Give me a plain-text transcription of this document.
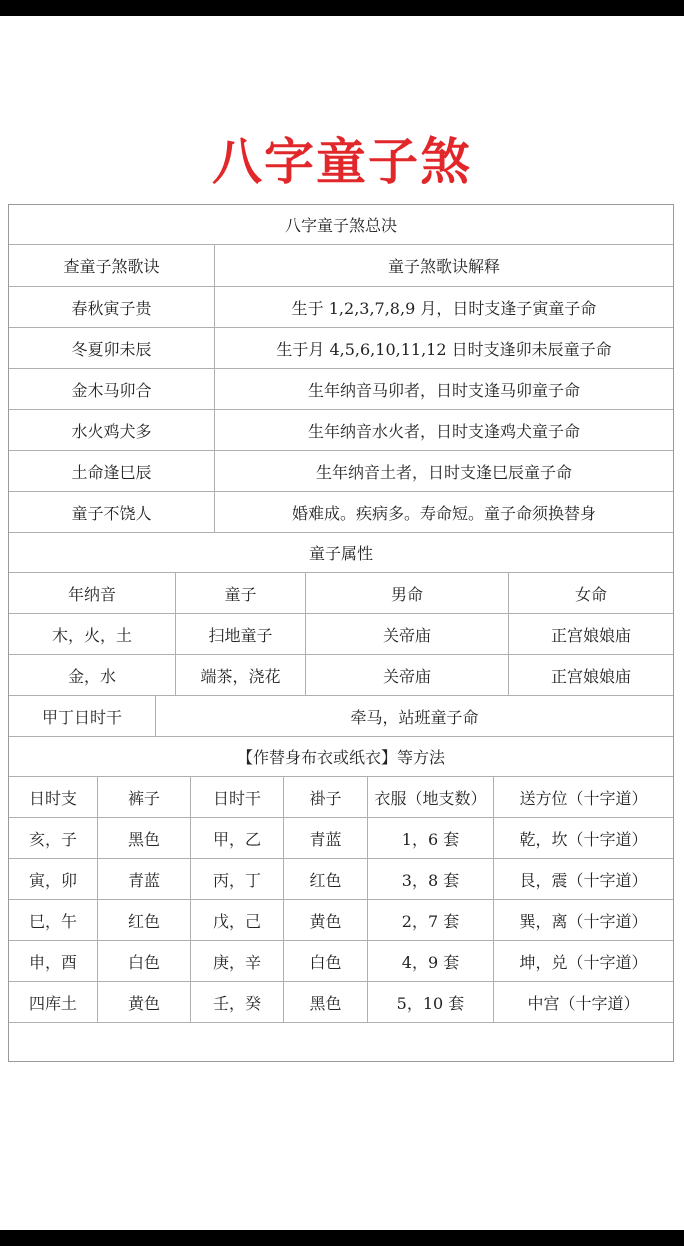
八字童子煞
八字童子煞总决
查童子煞歌诀	童子煞歌诀解释
春秋寅子贵	生于 1,2,3,7,8,9 月，日时支逢子寅童子命
冬夏卯未辰	生于月 4,5,6,10,11,12 日时支逢卯未辰童子命
金木马卯合	生年纳音马卯者，日时支逢马卯童子命
水火鸡犬多	生年纳音水火者，日时支逢鸡犬童子命
土命逢巳辰	生年纳音土者，日时支逢巳辰童子命
童子不饶人	婚难成。疾病多。寿命短。童子命须换替身
童子属性
年纳音	童子	男命	女命
木，火，土	扫地童子	关帝庙	正宫娘娘庙
金，水	端茶，浇花	关帝庙	正宫娘娘庙
甲丁日时干	牵马，站班童子命
【作替身布衣或纸衣】等方法
日时支	裤子	日时干	褂子	衣服（地支数）	送方位（十字道）
亥，子	黑色	甲，乙	青蓝	1，6 套	乾，坎（十字道）
寅，卯	青蓝	丙，丁	红色	3，8 套	艮，震（十字道）
巳，午	红色	戊，己	黄色	2，7 套	巽，离（十字道）
申，酉	白色	庚，辛	白色	4，9 套	坤，兑（十字道）
四库土	黄色	壬，癸	黑色	5，10 套	中宫（十字道）
